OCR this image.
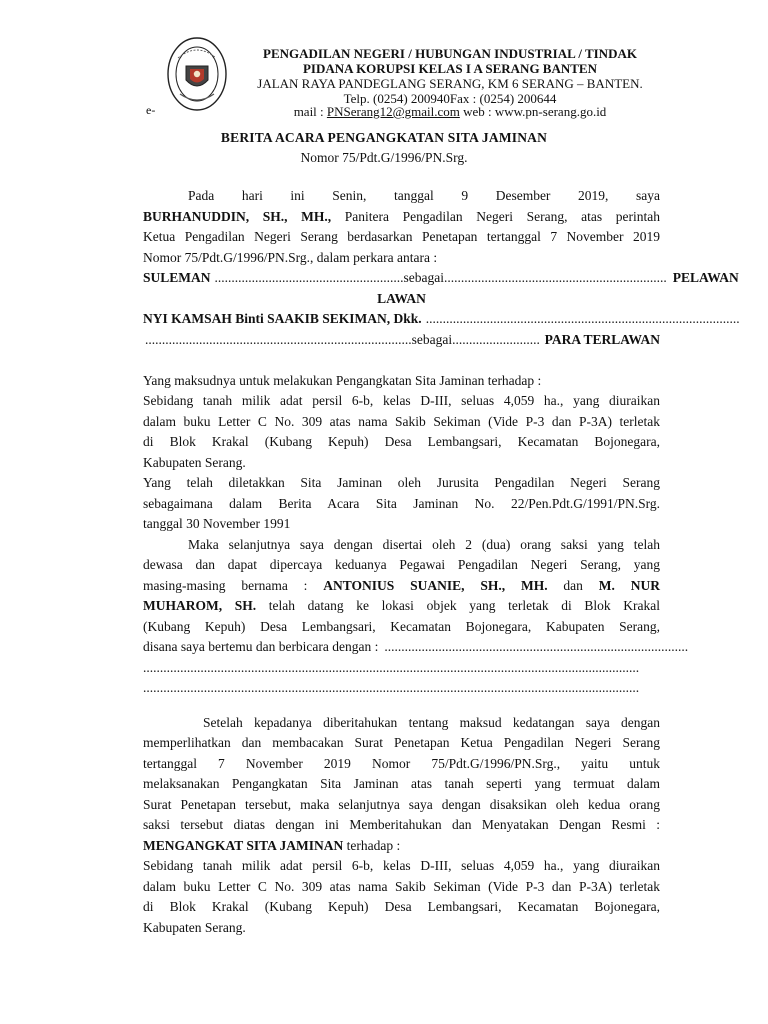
PENGADILAN NEGERI / HUBUNGAN INDUSTRIAL / TINDAK
PIDANA KORUPSI KELAS I A SERANG BANTEN
JALAN RAYA PANDEGLANG SERANG, KM 6 SERANG – BANTEN.
Telp. (0254) 200940Fax : (0254) 200644
mail : PNSerang12@gmail.com web : www.pn-serang.go.id
e-
BERITA ACARA PENGANGKATAN SITA JAMINAN
Nomor 75/Pdt.G/1996/PN.Srg.

Pada hari ini Senin, tanggal 9 Desember 2019, saya

BURHANUDDIN, SH., MH., Panitera Pengadilan Negeri Serang, atas perintah

Ketua Pengadilan Negeri Serang berdasarkan Penetapan tertanggal 7 November 2019

Nomor 75/Pdt.G/1996/PN.Srg., dalam perkara antara :

SULEMAN ........................................................sebagai.................................................................. PELAWAN

LAWAN

NYI KAMSAH Binti SAAKIB SEKIMAN, Dkk. .............................................................................................
...............................................................................sebagai.......................... PARA TERLAWAN

Yang maksudnya untuk melakukan Pengangkatan Sita Jaminan terhadap :

Sebidang tanah milik adat persil 6-b, kelas D-III, seluas 4,059 ha., yang diuraikan

dalam buku Letter C No. 309 atas nama Sakib Sekiman (Vide P-3 dan P-3A) terletak

di Blok Krakal (Kubang Kepuh) Desa Lembangsari, Kecamatan Bojonegara,

Kabupaten Serang.

Yang telah diletakkan Sita Jaminan oleh Jurusita Pengadilan Negeri Serang

sebagaimana dalam Berita Acara Sita Jaminan No. 22/Pen.Pdt.G/1991/PN.Srg.

tanggal 30 November 1991

Maka selanjutnya saya dengan disertai oleh 2 (dua) orang saksi yang telah

dewasa dan dapat dipercaya keduanya Pegawai Pengadilan Negeri Serang, yang

masing-masing bernama : ANTONIUS SUANIE, SH., MH. dan M. NUR

MUHAROM, SH. telah datang ke lokasi objek yang terletak di Blok Krakal

(Kubang Kepuh) Desa Lembangsari, Kecamatan Bojonegara, Kabupaten Serang,

disana saya bertemu dan berbicara dengan : ..........................................................................................

...................................................................................................................................................

...................................................................................................................................................

Setelah kepadanya diberitahukan tentang maksud kedatangan saya dengan

memperlihatkan dan membacakan Surat Penetapan Ketua Pengadilan Negeri Serang

tertanggal 7 November 2019 Nomor 75/Pdt.G/1996/PN.Srg., yaitu untuk

melaksanakan Pengangkatan Sita Jaminan atas tanah seperti yang termuat dalam

Surat Penetapan tersebut, maka selanjutnya saya dengan disaksikan oleh kedua orang

saksi tersebut diatas dengan ini Memberitahukan dan Menyatakan Dengan Resmi :

MENGANGKAT SITA JAMINAN terhadap :

Sebidang tanah milik adat persil 6-b, kelas D-III, seluas 4,059 ha., yang diuraikan

dalam buku Letter C No. 309 atas nama Sakib Sekiman (Vide P-3 dan P-3A) terletak

di Blok Krakal (Kubang Kepuh) Desa Lembangsari, Kecamatan Bojonegara,

Kabupaten Serang.
